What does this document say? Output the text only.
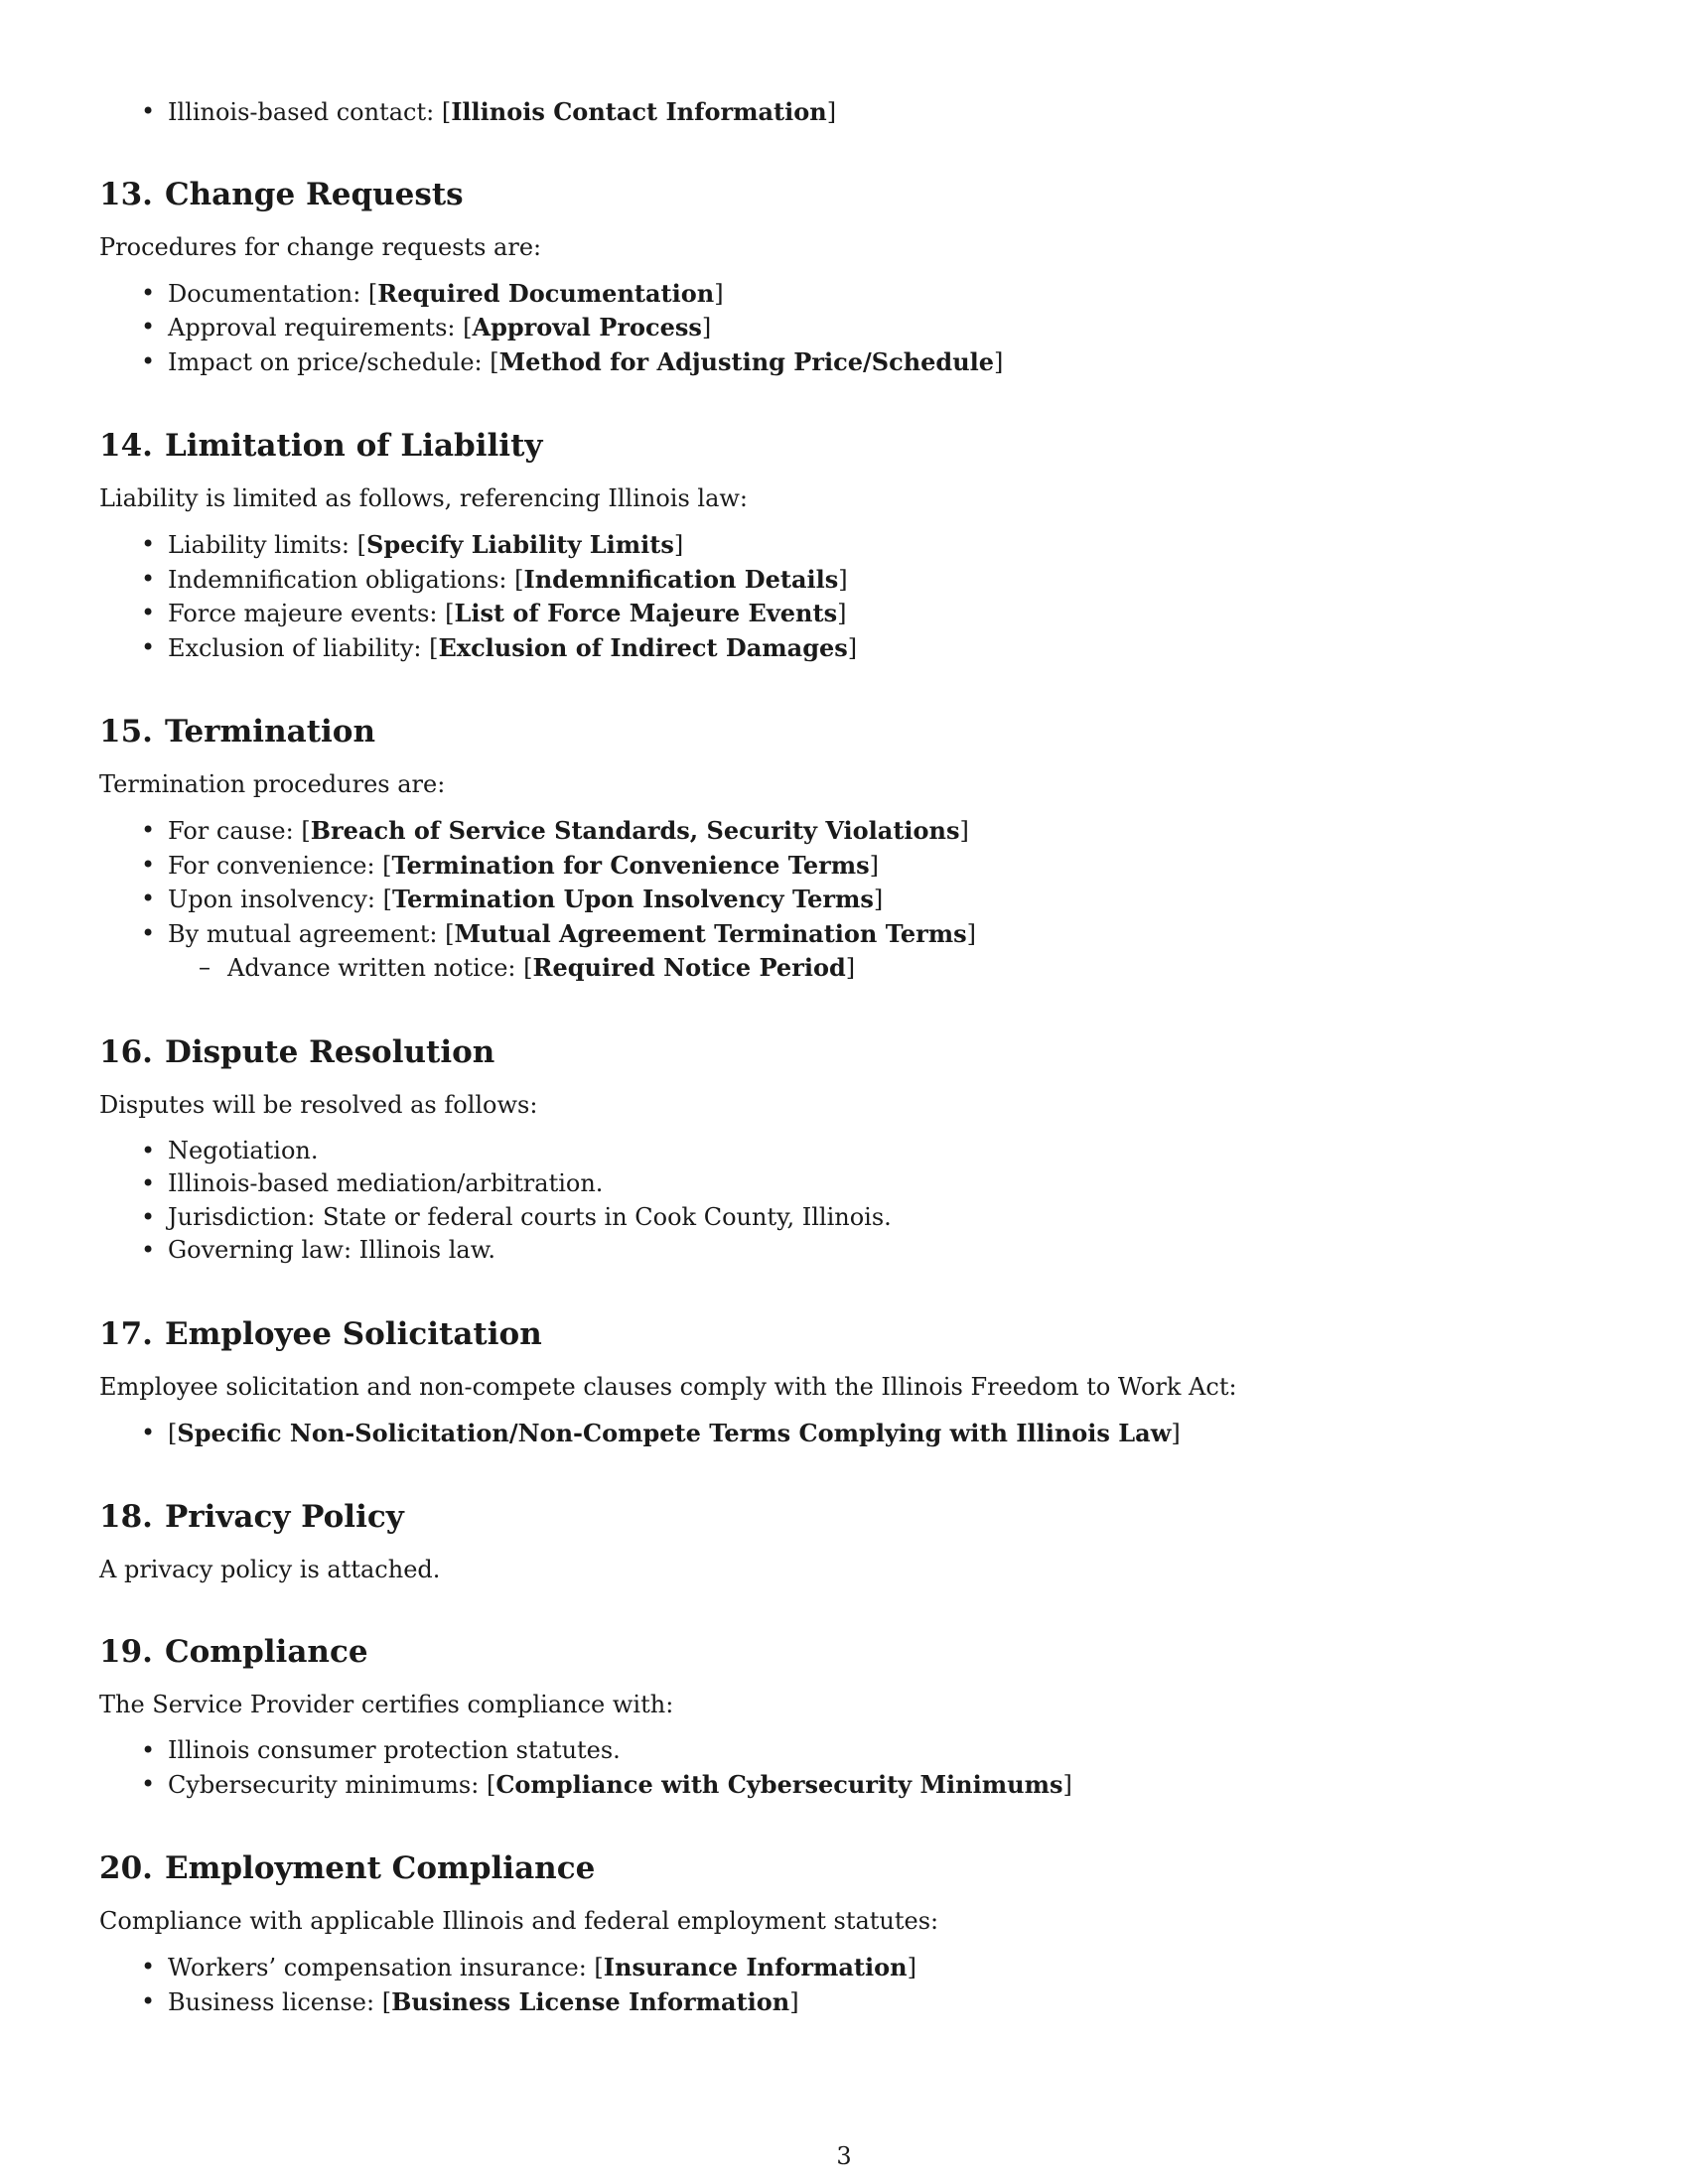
• Illinois-based contact: [Illinois Contact Information]
13. Change Requests

Procedures for change requests are:

• Documentation: [Required Documentation]
• Approval requirements: [Approval Process]
• Impact on price/schedule: [Method for Adjusting Price/Schedule]
14. Limitation of Liability

Liability is limited as follows, referencing Illinois law:

• Liability limits: [Specify Liability Limits]
• Indemnification obligations: [Indemnification Details]
• Force majeure events: [List of Force Majeure Events]
• Exclusion of liability: [Exclusion of Indirect Damages]
15. Termination

Termination procedures are:

• For cause: [Breach of Service Standards, Security Violations]
• For convenience: [Termination for Convenience Terms]
• Upon insolvency: [Termination Upon Insolvency Terms]
• By mutual agreement: [Mutual Agreement Termination Terms]
– Advance written notice: [Required Notice Period]
16. Dispute Resolution

Disputes will be resolved as follows:

• Negotiation.
• Illinois-based mediation/arbitration.
• Jurisdiction: State or federal courts in Cook County, Illinois.
• Governing law: Illinois law.
17. Employee Solicitation

Employee solicitation and non-compete clauses comply with the Illinois Freedom to Work Act:

• [Specific Non-Solicitation/Non-Compete Terms Complying with Illinois Law]
18. Privacy Policy

A privacy policy is attached.

19. Compliance

The Service Provider certifies compliance with:

• Illinois consumer protection statutes.
• Cybersecurity minimums: [Compliance with Cybersecurity Minimums]
20. Employment Compliance

Compliance with applicable Illinois and federal employment statutes:

• Workers’ compensation insurance: [Insurance Information]
• Business license: [Business License Information]
3
